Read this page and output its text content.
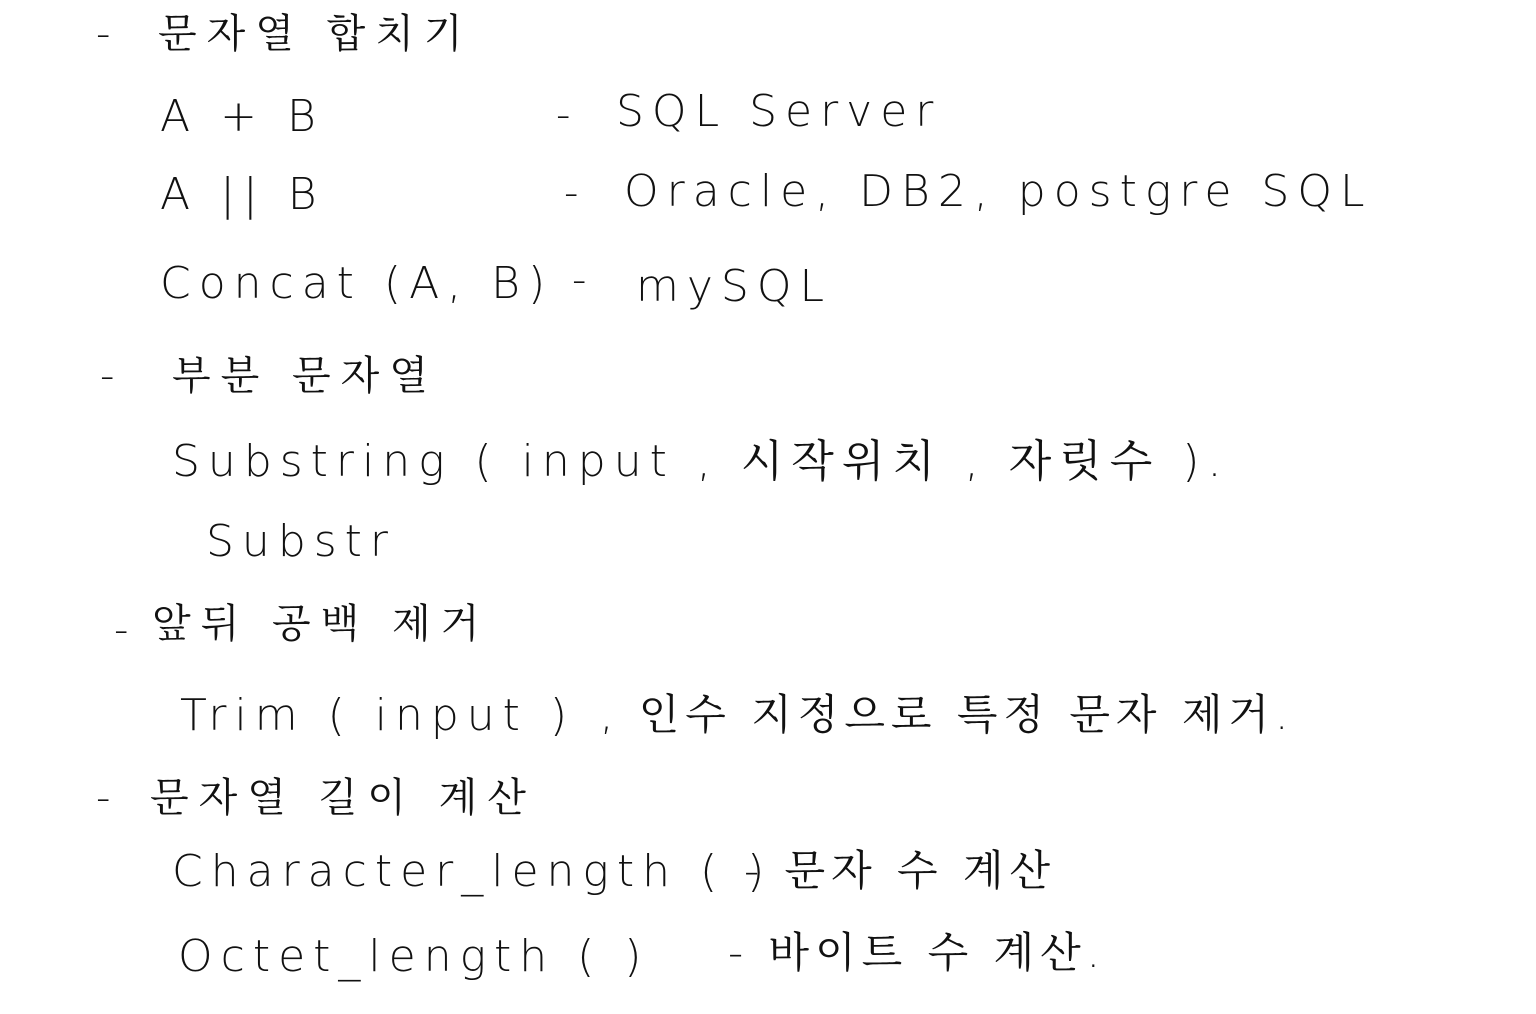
- 문자열 합치기
A + B	- SQL Server
A || B	- Oracle, DB2, postgre SQL
Concat (A, B) - mySQL
- 부분 문자열
Substring ( input , 시작위치 , 자릿수 ).
Substr
- 앞뒤 공백 제거
Trim ( input ) , 인수 지정으로 특정 문자 제거.
- 문자열 길이 계산
Character_length ( )
- 문자 수 계산
Octet_length ( ) - 바이트 수 계산.
